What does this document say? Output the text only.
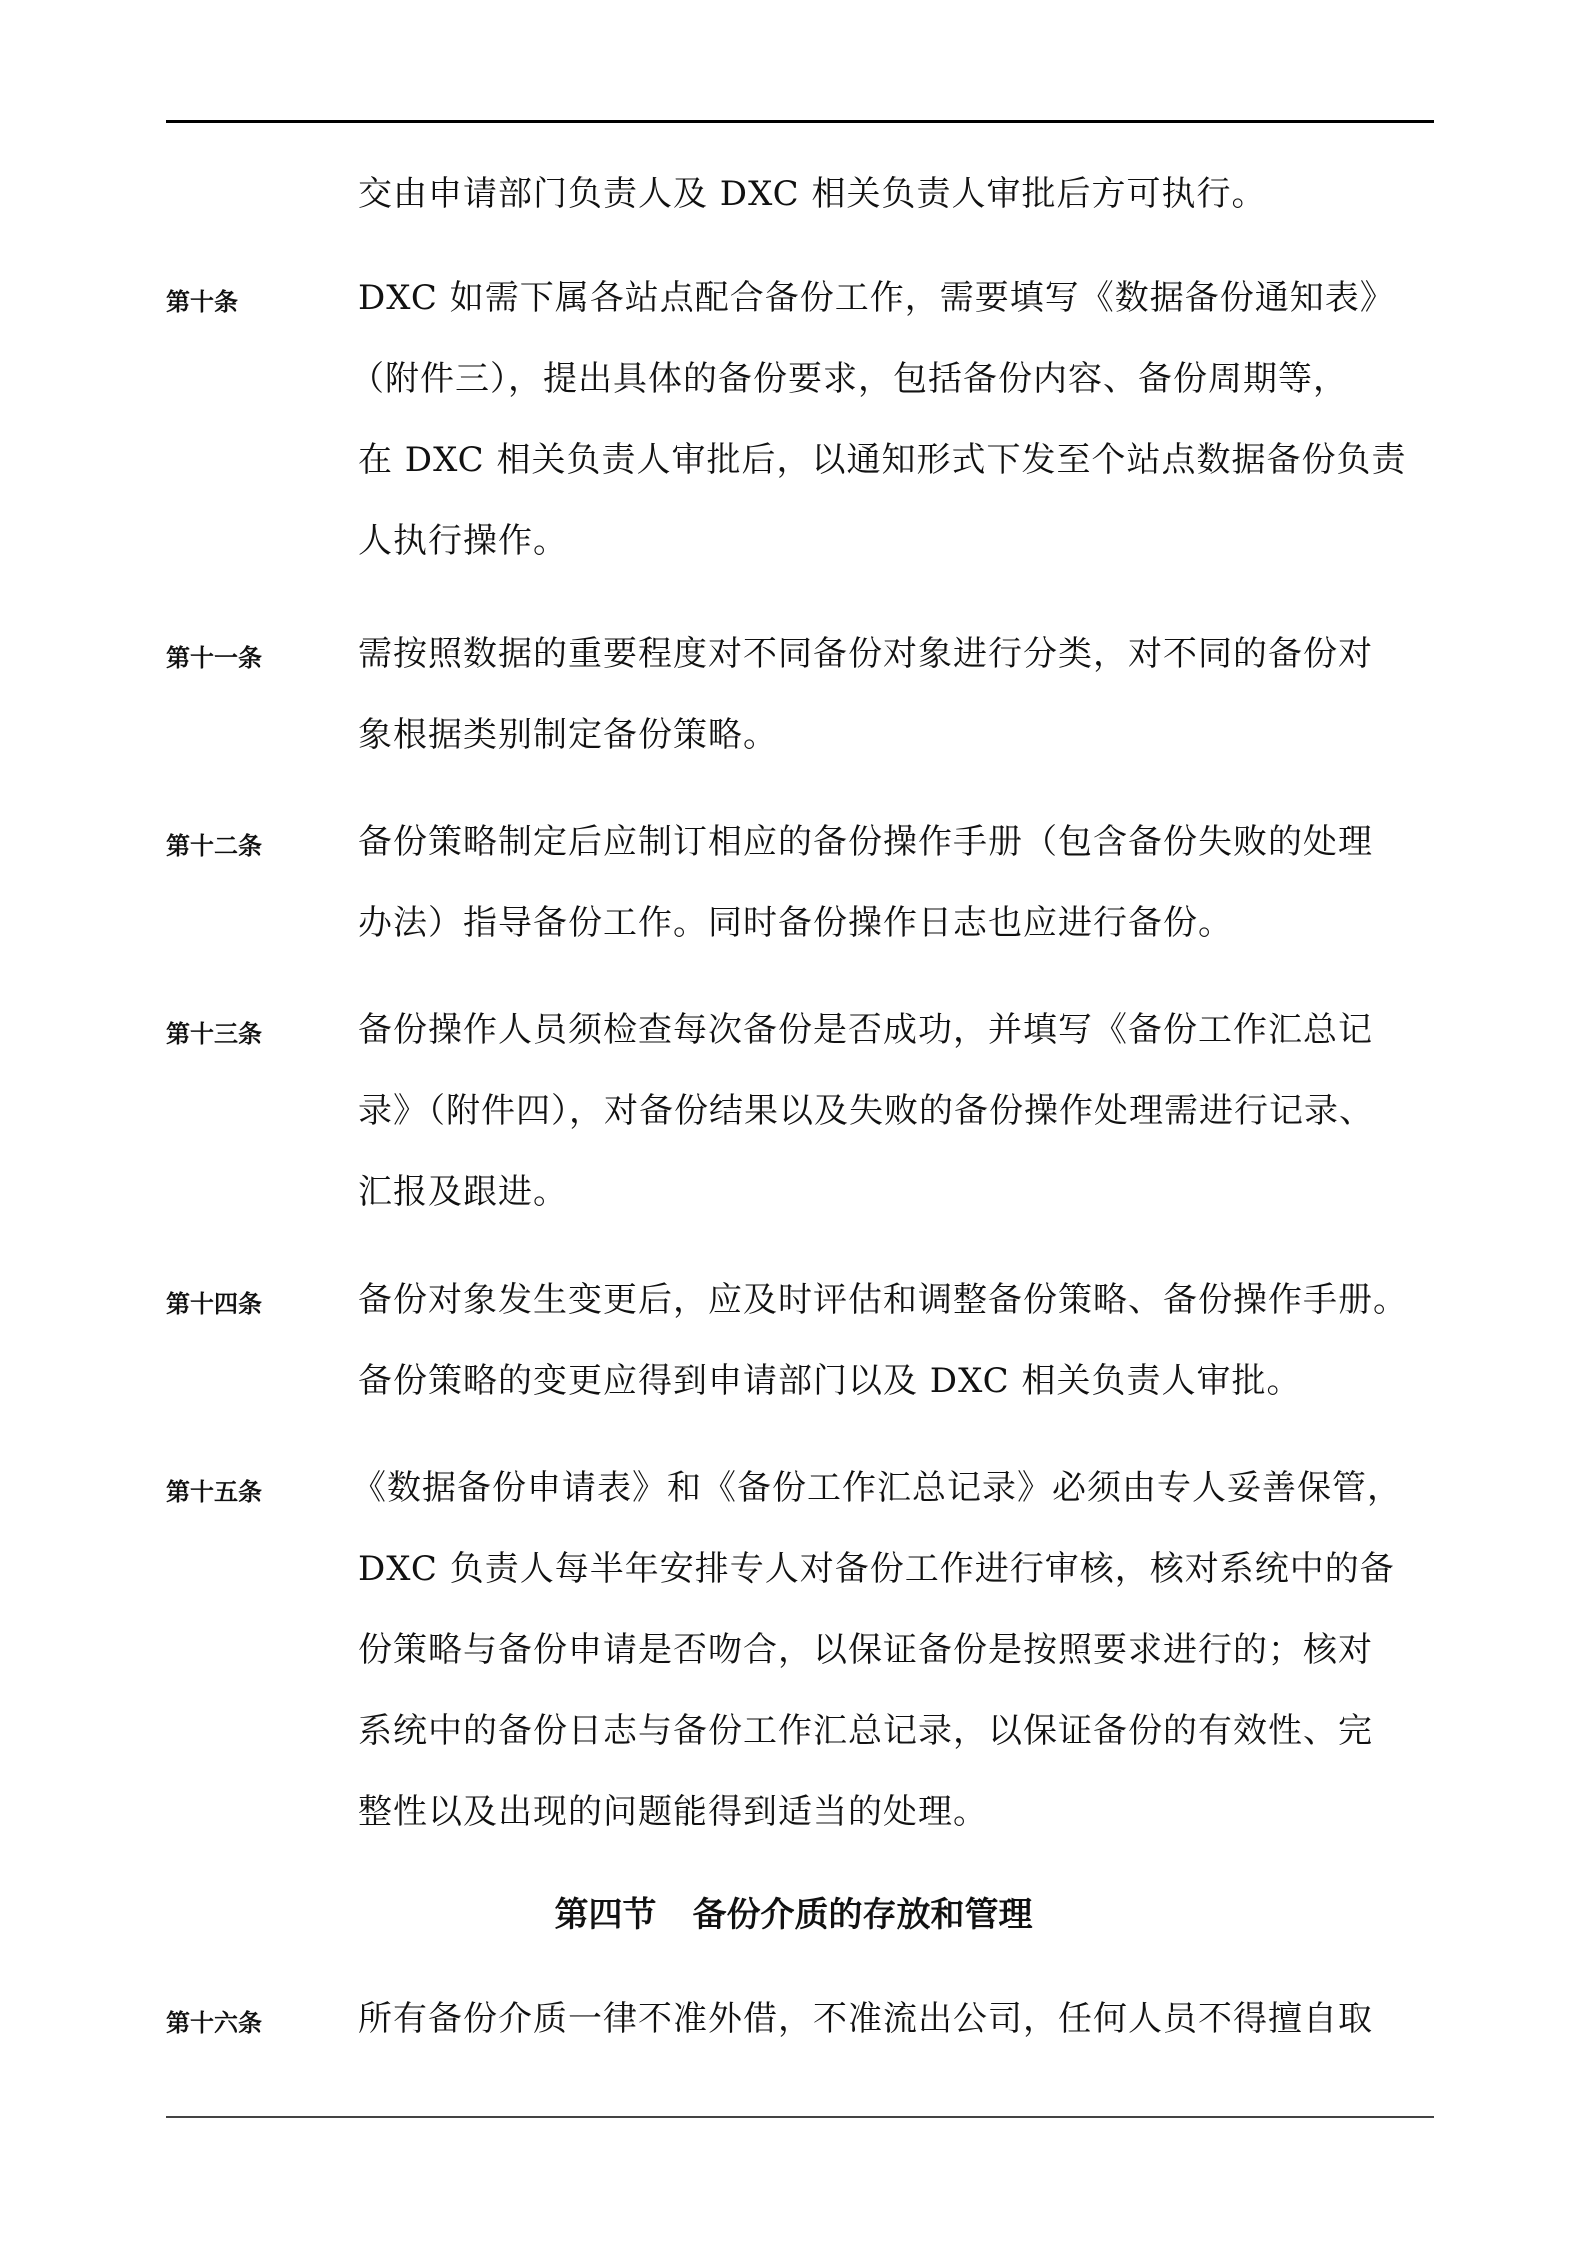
交由申请部门负责人及 DXC 相关负责人审批后方可执行。
第十条	DXC 如需下属各站点配合备份工作，需要填写《数据备份通知表》
（附件三），提出具体的备份要求，包括备份内容、备份周期等，
在 DXC 相关负责人审批后，以通知形式下发至个站点数据备份负责
人执行操作。
第十一条	需按照数据的重要程度对不同备份对象进行分类，对不同的备份对
象根据类别制定备份策略。
第十二条	备份策略制定后应制订相应的备份操作手册（包含备份失败的处理
办法）指导备份工作。同时备份操作日志也应进行备份。
第十三条	备份操作人员须检查每次备份是否成功，并填写《备份工作汇总记
录》（附件四），对备份结果以及失败的备份操作处理需进行记录、
汇报及跟进。
第十四条	备份对象发生变更后，应及时评估和调整备份策略、备份操作手册。
备份策略的变更应得到申请部门以及 DXC 相关负责人审批。
第十五条	《数据备份申请表》和《备份工作汇总记录》必须由专人妥善保管，
DXC 负责人每半年安排专人对备份工作进行审核，核对系统中的备
份策略与备份申请是否吻合，以保证备份是按照要求进行的；核对
系统中的备份日志与备份工作汇总记录，以保证备份的有效性、完
整性以及出现的问题能得到适当的处理。
第四节 备份介质的存放和管理
第十六条	所有备份介质一律不准外借，不准流出公司，任何人员不得擅自取
